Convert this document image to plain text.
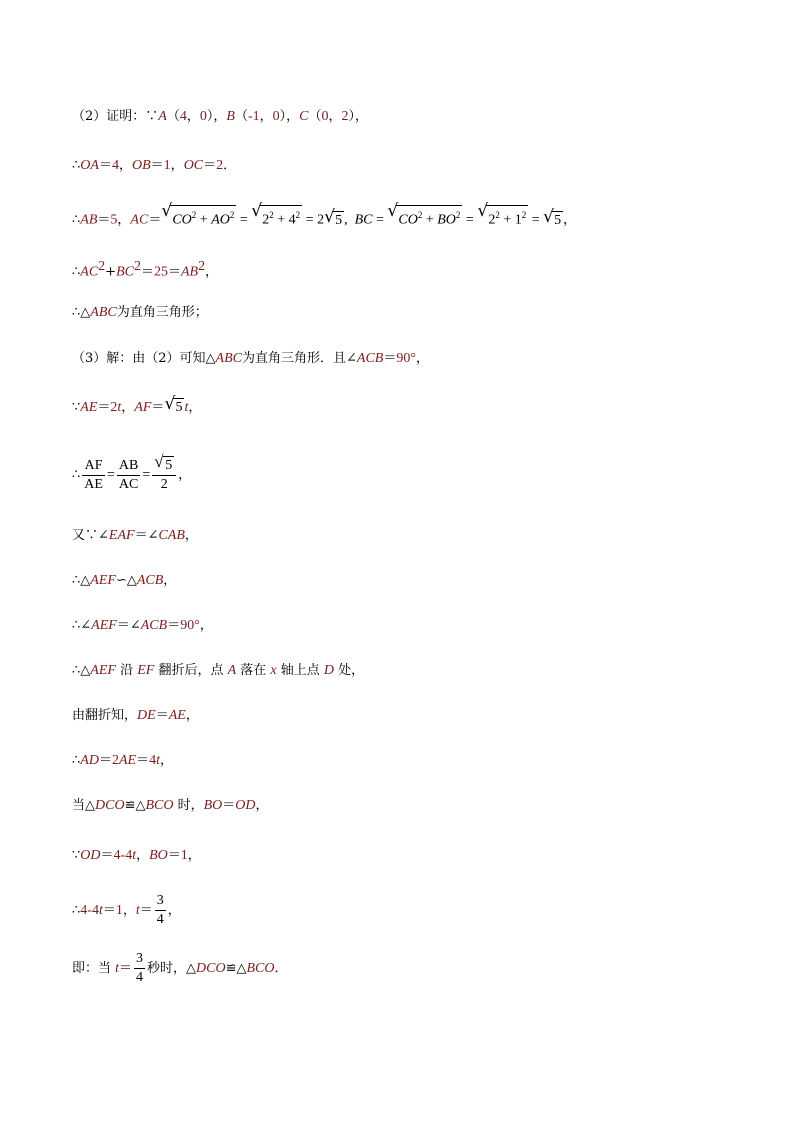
（2）证明：∵A（4，0），B（-1，0），C（0，2），
∴OA＝4，OB＝1，OC＝2．
∴AB＝5，AC＝ √ $CO^2 + AO^2$ = √ $2^2 + 4^2 = 2$ √ 5 ,  BC = √ $CO^2 + BO^2$ = √ $2^2 + 1^2$ = √ 5 ，
$\therefore AC^2+BC^2=25=AB^2$，
∴△ABC为直角三角形；
（3）解：由（2）可知△ABC为直角三角形．且∠ACB＝90°，
∵AE＝2t，AF＝ √ 5 t，
∴ $\frac{AF}{AE} = \frac{AB}{AC} = \frac{√ 5}{2}$ ，
又∵∠EAF＝∠CAB，
∴△AEF∽△ACB，
∴∠AEF＝∠ACB＝90°，
∴△AEF 沿 EF 翻折后，点 A 落在 x 轴上点 D 处，
由翻折知，DE＝AE，
∴AD＝2AE＝4t，
当△DCO≌△BCO 时，BO＝OD，
∵OD＝4-4t，BO＝1，
∴4-4t＝1，$t= \frac{3}{4}$ ，
即：当 $t= \frac{3}{4}$ 秒时，△DCO≌△BCO．
